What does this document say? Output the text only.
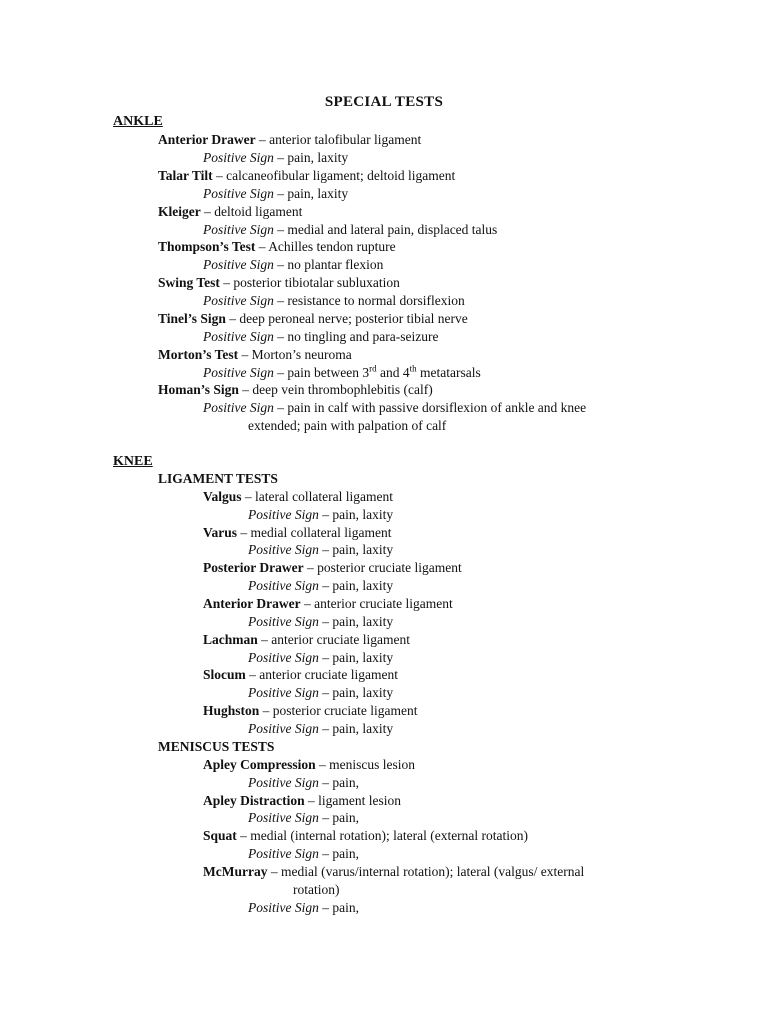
SPECIAL TESTS
ANKLE
Anterior Drawer – anterior talofibular ligament
Positive Sign – pain, laxity
Talar Tilt – calcaneofibular ligament; deltoid ligament
Positive Sign – pain, laxity
Kleiger – deltoid ligament
Positive Sign – medial and lateral pain, displaced talus
Thompson’s Test – Achilles tendon rupture
Positive Sign – no plantar flexion
Swing Test – posterior tibiotalar subluxation
Positive Sign – resistance to normal dorsiflexion
Tinel’s Sign – deep peroneal nerve; posterior tibial nerve
Positive Sign – no tingling and para-seizure
Morton’s Test – Morton’s neuroma
Positive Sign – pain between 3rd and 4th metatarsals
Homan’s Sign – deep vein thrombophlebitis (calf)
Positive Sign – pain in calf with passive dorsiflexion of ankle and knee
extended; pain with palpation of calf
KNEE
LIGAMENT TESTS
Valgus – lateral collateral ligament
Positive Sign – pain, laxity
Varus – medial collateral ligament
Positive Sign – pain, laxity
Posterior Drawer – posterior cruciate ligament
Positive Sign – pain, laxity
Anterior Drawer – anterior cruciate ligament
Positive Sign – pain, laxity
Lachman – anterior cruciate ligament
Positive Sign – pain, laxity
Slocum – anterior cruciate ligament
Positive Sign – pain, laxity
Hughston – posterior cruciate ligament
Positive Sign – pain, laxity
MENISCUS TESTS
Apley Compression – meniscus lesion
Positive Sign – pain,
Apley Distraction – ligament lesion
Positive Sign – pain,
Squat – medial (internal rotation); lateral (external rotation)
Positive Sign – pain,
McMurray – medial (varus/internal rotation); lateral (valgus/ external
rotation)
Positive Sign – pain,
